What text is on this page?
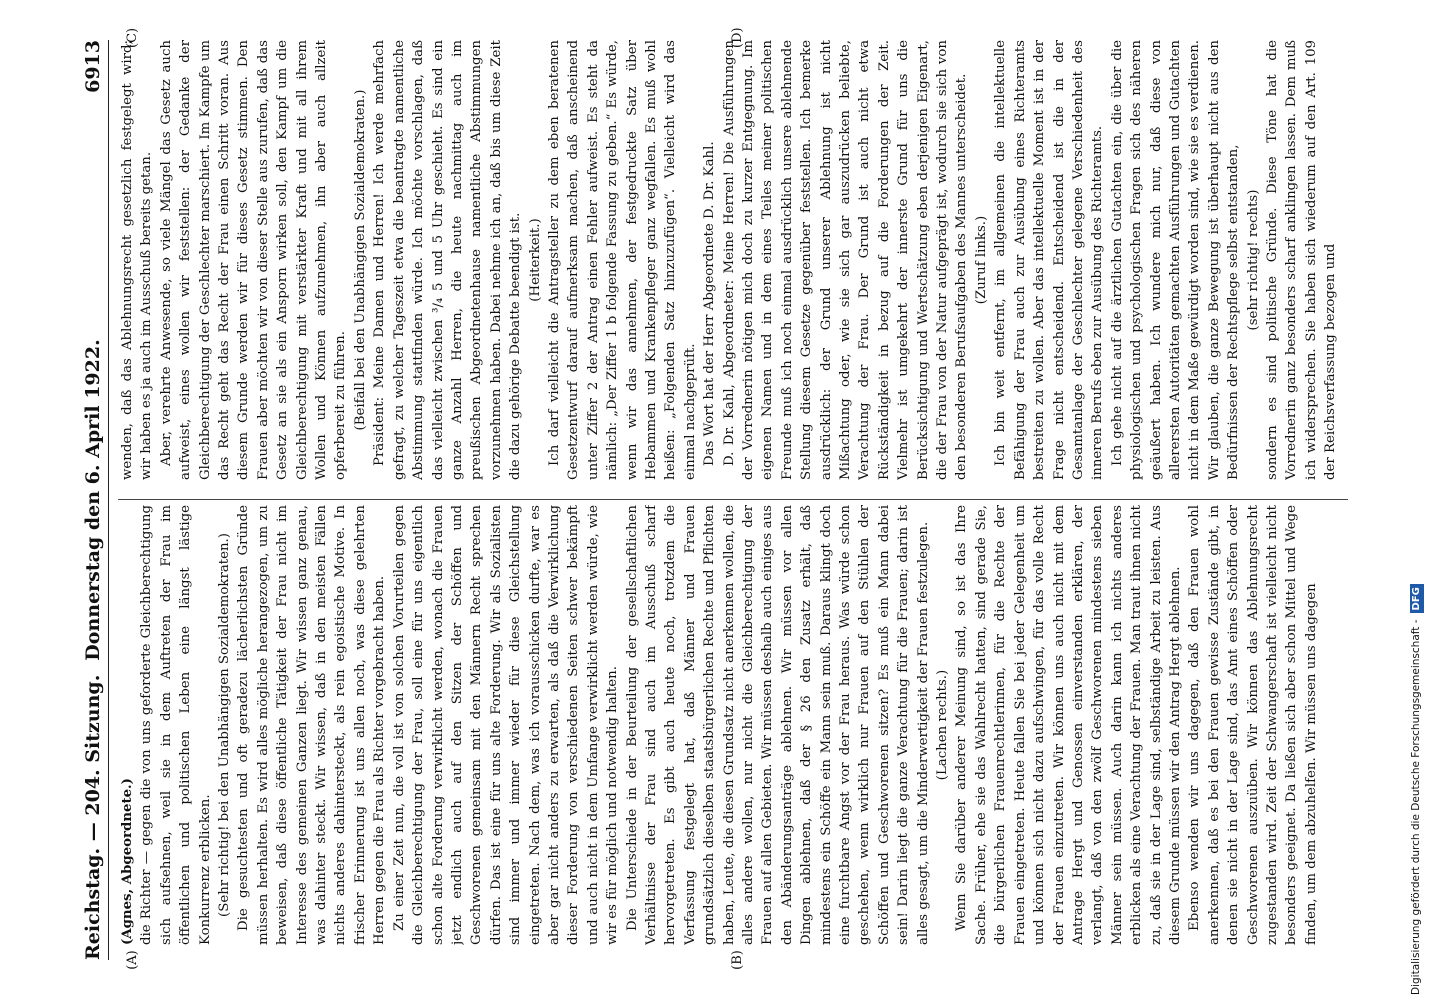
Reichstag. — 204. Sitzung.
Donnerstag den 6. April 1922.
6913
(A)	(B)
(C)	(D)

(Agnes, Abgeordnete.) die Richter — gegen die von uns geforderte Gleichberechtigung sich aufsehnen, weil sie in dem Auftreten der Frau im öffentlichen und politischen Leben eine längst lästige Konkurrenz erblicken. (Sehr richtig! bei den Unabhängigen Sozialdemokraten.) Die gesuchtesten und oft geradezu lächerlichsten Gründe müssen herhalten. Es wird alles mögliche herangezogen, um zu beweisen, daß diese öffentliche Tätigkeit der Frau nicht im Interesse des gemeinen Ganzen liegt. Wir wissen ganz genau, was dahinter steckt. Wir wissen, daß in den meisten Fällen nichts anderes dahintersteckt, als rein egoistische Motive. In frischer Erinnerung ist uns allen noch, was diese gelehrten Herren gegen die Frau als Richter vorgebracht haben. Zu einer Zeit nun, die voll ist von solchen Vorurteilen gegen die Gleichberechtigung der Frau, soll eine für uns eigentlich schon alte Forderung verwirklicht werden, wonach die Frauen jetzt endlich auch auf den Sitzen der Schöffen und Geschworenen gemeinsam mit den Männern Recht sprechen dürfen. Das ist eine für uns alte Forderung. Wir als Sozialisten sind immer und immer wieder für diese Gleichstellung eingetreten. Nach dem, was ich vorausschicken durfte, war es aber gar nicht anders zu erwarten, als daß die Verwirklichung dieser Forderung von verschiedenen Seiten schwer bekämpft und auch nicht in dem Umfange verwirklicht werden würde, wie wir es für möglich und notwendig halten. Die Unterschiede in der Beurteilung der gesellschaftlichen Verhältnisse der Frau sind auch im Ausschuß scharf hervorgetreten. Es gibt auch heute noch, trotzdem die Verfassung festgelegt hat, daß Männer und Frauen grundsätzlich dieselben staatsbürgerlichen Rechte und Pflichten haben, Leute, die diesen Grundsatz nicht anerkennen wollen, die alles andere wollen, nur nicht die Gleichberechtigung der Frauen auf allen Gebieten. Wir müssen deshalb auch einiges aus den Abänderungsanträge ablehnen. Wir müssen vor allen Dingen ablehnen, daß der § 26 den Zusatz erhält, daß mindestens ein Schöffe ein Mann sein muß. Daraus klingt doch eine furchtbare Angst vor der Frau heraus. Was würde schon geschehen, wenn wirklich nur Frauen auf den Stühlen der Schöffen und Geschworenen sitzen? Es muß ein Mann dabei sein! Darin liegt die ganze Verachtung für die Frauen; darin ist alles gesagt, um die Minderwertigkeit der Frauen festzulegen. (Lachen rechts.) Wenn Sie darüber anderer Meinung sind, so ist das Ihre Sache. Früher, ehe sie das Wahlrecht hatten, sind gerade Sie, die bürgerlichen Frauenrechtlerinnen, für die Rechte der Frauen eingetreten. Heute fallen Sie bei jeder Gelegenheit um und können sich nicht dazu aufschwingen, für das volle Recht der Frauen einzutreten. Wir können uns auch nicht mit dem Antrage Hergt und Genossen einverstanden erklären, der verlangt, daß von den zwölf Geschworenen mindestens sieben Männer sein müssen. Auch darin kann ich nichts anderes erblicken als eine Verachtung der Frauen. Man traut ihnen nicht zu, daß sie in der Lage sind, selbständige Arbeit zu leisten. Aus diesem Grunde müssen wir den Antrag Hergt ablehnen. Ebenso wenden wir uns dagegen, daß den Frauen wohl anerkennen, daß es bei den Frauen gewisse Zustände gibt, in denen sie nicht in der Lage sind, das Amt eines Schöffen oder Geschworenen auszuüben. Wir können das Ablehnungsrecht zugestanden wird. Zeit der Schwangerschaft ist vielleicht nicht besonders geeignet. Da ließen sich aber schon Mittel und Wege finden, um dem abzuhelfen. Wir müssen uns dagegen

wenden, daß das Ablehnungsrecht gesetzlich festgelegt wird; wir haben es ja auch im Ausschuß bereits getan. Aber, verehrte Anwesende, so viele Mängel das Gesetz auch aufweist, eines wollen wir feststellen: der Gedanke der Gleichberechtigung der Geschlechter marschiert. Im Kampfe um das Recht geht das Recht der Frau einen Schritt voran. Aus diesem Grunde werden wir für dieses Gesetz stimmen. Den Frauen aber möchten wir von dieser Stelle aus zurufen, daß das Gesetz an sie als ein Ansporn wirken soll, den Kampf um die Gleichberechtigung mit verstärkter Kraft und mit all ihrem Wollen und Können aufzunehmen, ihn aber auch allzeit opferbereit zu führen. (Beifall bei den Unabhängigen Sozialdemokraten.) Präsident: Meine Damen und Herren! Ich werde mehrfach gefragt, zu welcher Tageszeit etwa die beantragte namentliche Abstimmung stattfinden würde. Ich möchte vorschlagen, daß das vielleicht zwischen ³/₄ 5 und 5 Uhr geschieht. Es sind ein ganze Anzahl Herren, die heute nachmittag auch im preußischen Abgeordnetenhause namentliche Abstimmungen vorzunehmen haben. Dabei nehme ich an, daß bis um diese Zeit die dazu gehörige Debatte beendigt ist. (Heiterkeit.) Ich darf vielleicht die Antragsteller zu dem eben beratenen Gesetzentwurf darauf aufmerksam machen, daß anscheinend unter Ziffer 2 der Antrag einen Fehler aufweist. Es steht da nämlich: „Der Ziffer 1 b folgende Fassung zu geben.“ Es würde, wenn wir das annehmen, der festgedruckte Satz über Hebammen und Krankenpfleger ganz wegfallen. Es muß wohl heißen: „Folgenden Satz hinzuzufügen“. Vielleicht wird das einmal nachgeprüft. Das Wort hat der Herr Abgeordnete D. Dr. Kahl. D. Dr. Kahl, Abgeordneter: Meine Herren! Die Ausführungen der Vorrednerin nötigen mich doch zu kurzer Entgegnung. Im eigenen Namen und in dem eines Teiles meiner politischen Freunde muß ich noch einmal ausdrücklich unsere ablehnende Stellung diesem Gesetze gegenüber feststellen. Ich bemerke ausdrücklich: der Grund unserer Ablehnung ist nicht Mißachtung oder, wie sie sich gar auszudrücken beliebte, Verachtung der Frau. Der Grund ist auch nicht etwa Rückständigkeit in bezug auf die Forderungen der Zeit. Vielmehr ist umgekehrt der innerste Grund für uns die Berücksichtigung und Wertschätzung eben derjenigen Eigenart, die der Frau von der Natur aufgeprägt ist, wodurch sie sich von den besonderen Berufsaufgaben des Mannes unterscheidet. (Zuruf links.) Ich bin weit entfernt, im allgemeinen die intellektuelle Befähigung der Frau auch zur Ausübung eines Richteramts bestreiten zu wollen. Aber das intellektuelle Moment ist in der Frage nicht entscheidend. Entscheidend ist die in der Gesamtanlage der Geschlechter gelegene Verschiedenheit des inneren Berufs eben zur Ausübung des Richteramts. Ich gehe nicht auf die ärztlichen Gutachten ein, die über die physiologischen und psychologischen Fragen sich des näheren geäußert haben. Ich wundere mich nur, daß diese von allerersten Autoritäten gemachten Ausführungen und Gutachten nicht in dem Maße gewürdigt worden sind, wie sie es verdienen. Wir glauben, die ganze Bewegung ist überhaupt nicht aus den Bedürfnissen der Rechtspflege selbst entstanden, (sehr richtig! rechts) sondern es sind politische Gründe. Diese Töne hat die Vorrednerin ganz besonders scharf anklingen lassen. Dem muß ich widersprechen. Sie haben sich wiederum auf den Art. 109 der Reichsverfassung bezogen und

Digitalisierung gefördert durch die Deutsche Forschungsgemeinschaft -DFG
